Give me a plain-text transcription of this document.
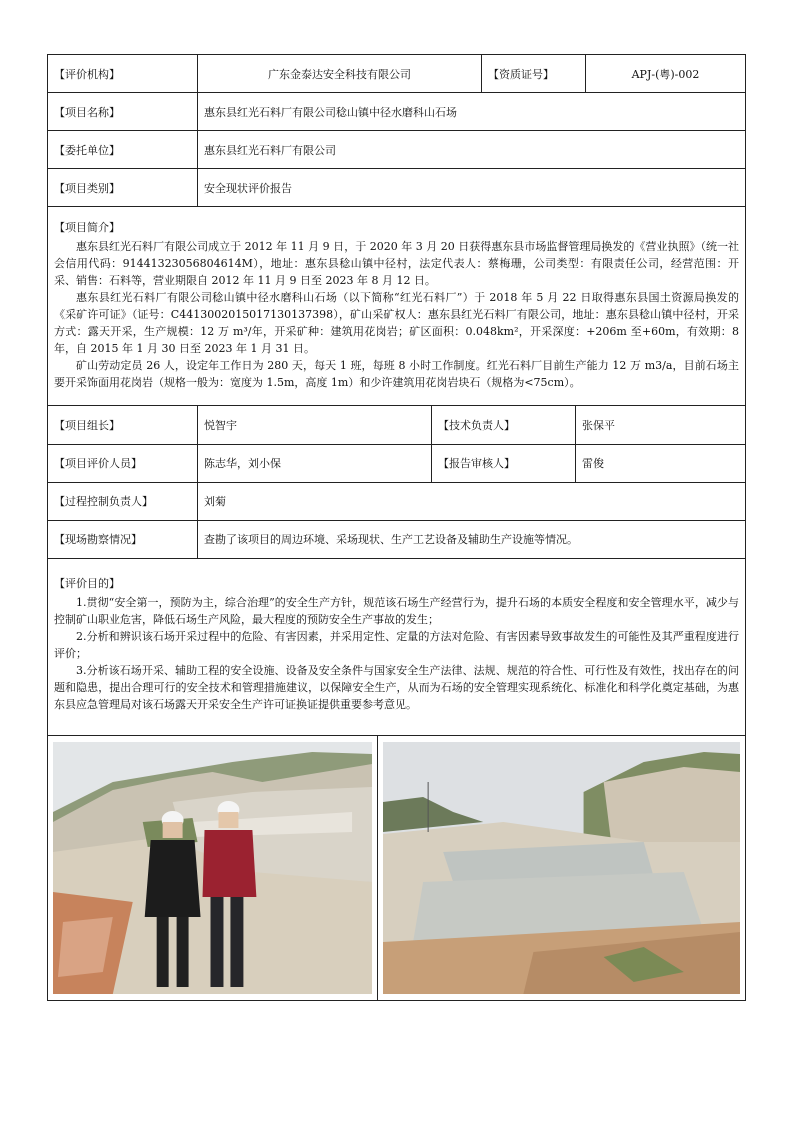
【评价机构】	广东金泰达安全科技有限公司	【资质证号】	APJ-(粤)-002
【项目名称】	惠东县红光石料厂有限公司稔山镇中径水磨科山石场		
【委托单位】	惠东县红光石料厂有限公司		
【项目类别】	安全现状评价报告		

【项目简介】

惠东县红光石料厂有限公司成立于 2012 年 11 月 9 日，于 2020 年 3 月 20 日获得惠东县市场监督管理局换发的《营业执照》（统一社会信用代码：91441323056804614M），地址：惠东县稔山镇中径村，法定代表人：蔡梅珊，公司类型：有限责任公司，经营范围：开采、销售：石料等，营业期限自 2012 年 11 月 9 日至 2023 年 8 月 12 日。

惠东县红光石料厂有限公司稔山镇中径水磨科山石场（以下简称“红光石料厂”）于 2018 年 5 月 22 日取得惠东县国土资源局换发的《采矿许可证》（证号：C4413002015017130137398），矿山采矿权人：惠东县红光石料厂有限公司，地址：惠东县稔山镇中径村，开采方式：露天开采，生产规模：12 万 m³/年，开采矿种：建筑用花岗岩；矿区面积：0.048km²，开采深度：+206m 至+60m，有效期：8 年，自 2015 年 1 月 30 日至 2023 年 1 月 31 日。

矿山劳动定员 26 人，设定年工作日为 280 天，每天 1 班，每班 8 小时工作制度。红光石料厂目前生产能力 12 万 m3/a，目前石场主要开采饰面用花岗岩（规格一般为：宽度为 1.5m，高度 1m）和少许建筑用花岗岩块石（规格为<75cm）。			

【项目组长】	悦智宇	【技术负责人】	张保平
【项目评价人员】	陈志华，刘小保	【报告审核人】	雷俊
【过程控制负责人】	刘菊		
【现场勘察情况】	查勘了该项目的周边环境、采场现状、生产工艺设备及辅助生产设施等情况。		

【评价目的】

1.贯彻“安全第一，预防为主，综合治理”的安全生产方针，规范该石场生产经营行为，提升石场的本质安全程度和安全管理水平，减少与控制矿山职业危害，降低石场生产风险，最大程度的预防安全生产事故的发生；

2.分析和辨识该石场开采过程中的危险、有害因素，并采用定性、定量的方法对危险、有害因素导致事故发生的可能性及其严重程度进行评价；

3.分析该石场开采、辅助工程的安全设施、设备及安全条件与国家安全生产法律、法规、规范的符合性、可行性及有效性，找出存在的问题和隐患，提出合理可行的安全技术和管理措施建议，以保障安全生产，从而为石场的安全管理实现系统化、标准化和科学化奠定基础，为惠东县应急管理局对该石场露天开采安全生产许可证换证提供重要参考意见。			
